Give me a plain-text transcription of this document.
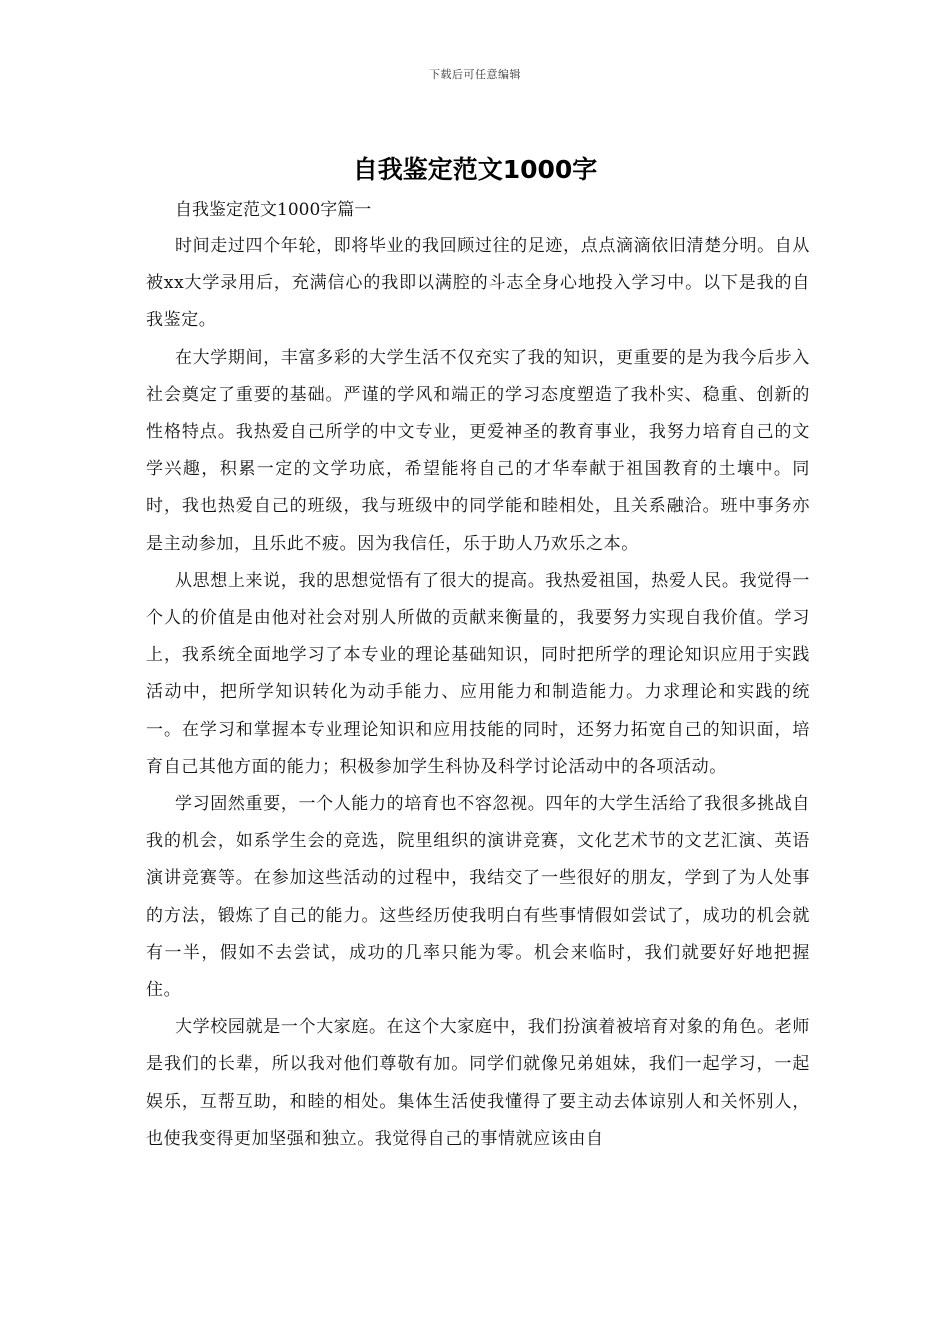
下载后可任意编辑
自我鉴定范文1000字

自我鉴定范文1000字篇一

时间走过四个年轮，即将毕业的我回顾过往的足迹，点点滴滴依旧清楚分明。自从被xx大学录用后，充满信心的我即以满腔的斗志全身心地投入学习中。以下是我的自我鉴定。

在大学期间，丰富多彩的大学生活不仅充实了我的知识，更重要的是为我今后步入社会奠定了重要的基础。严谨的学风和端正的学习态度塑造了我朴实、稳重、创新的性格特点。我热爱自己所学的中文专业，更爱神圣的教育事业，我努力培育自己的文学兴趣，积累一定的文学功底，希望能将自己的才华奉献于祖国教育的土壤中。同时，我也热爱自己的班级，我与班级中的同学能和睦相处，且关系融洽。班中事务亦是主动参加，且乐此不疲。因为我信任，乐于助人乃欢乐之本。

从思想上来说，我的思想觉悟有了很大的提高。我热爱祖国，热爱人民。我觉得一个人的价值是由他对社会对别人所做的贡献来衡量的，我要努力实现自我价值。学习上，我系统全面地学习了本专业的理论基础知识，同时把所学的理论知识应用于实践活动中，把所学知识转化为动手能力、应用能力和制造能力。力求理论和实践的统一。在学习和掌握本专业理论知识和应用技能的同时，还努力拓宽自己的知识面，培育自己其他方面的能力；积极参加学生科协及科学讨论活动中的各项活动。

学习固然重要，一个人能力的培育也不容忽视。四年的大学生活给了我很多挑战自我的机会，如系学生会的竞选，院里组织的演讲竞赛，文化艺术节的文艺汇演、英语演讲竞赛等。在参加这些活动的过程中，我结交了一些很好的朋友，学到了为人处事的方法，锻炼了自己的能力。这些经历使我明白有些事情假如尝试了，成功的机会就有一半，假如不去尝试，成功的几率只能为零。机会来临时，我们就要好好地把握住。

大学校园就是一个大家庭。在这个大家庭中，我们扮演着被培育对象的角色。老师是我们的长辈，所以我对他们尊敬有加。同学们就像兄弟姐妹，我们一起学习，一起娱乐，互帮互助，和睦的相处。集体生活使我懂得了要主动去体谅别人和关怀别人，也使我变得更加坚强和独立。我觉得自己的事情就应该由自
